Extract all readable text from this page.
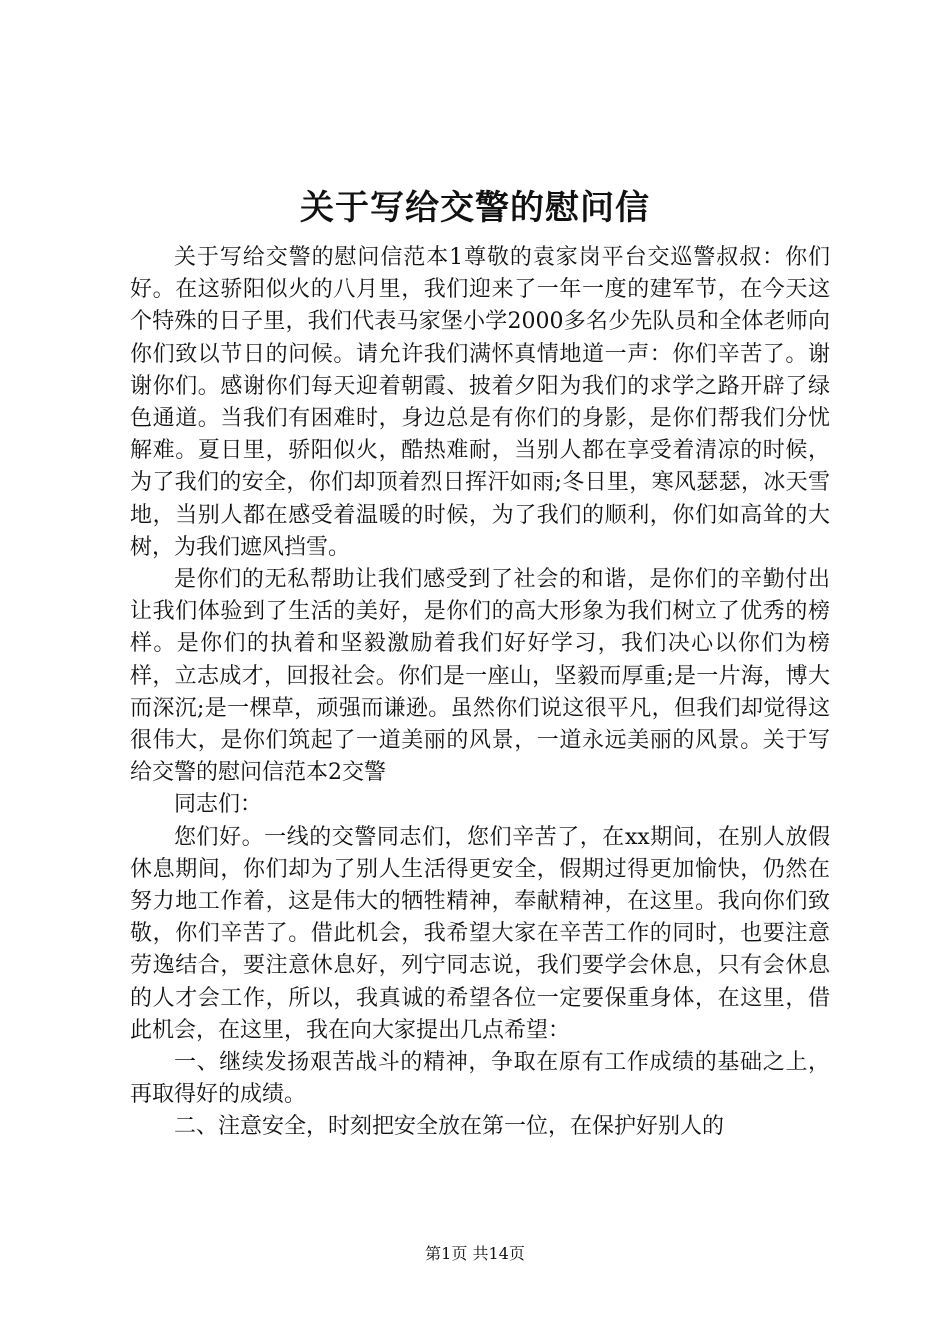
关于写给交警的慰问信

关于写给交警的慰问信范本1尊敬的袁家岗平台交巡警叔叔：你们好。在这骄阳似火的八月里，我们迎来了一年一度的建军节，在今天这个特殊的日子里，我们代表马家堡小学2000多名少先队员和全体老师向你们致以节日的问候。请允许我们满怀真情地道一声：你们辛苦了。谢谢你们。感谢你们每天迎着朝霞、披着夕阳为我们的求学之路开辟了绿色通道。当我们有困难时，身边总是有你们的身影，是你们帮我们分忧解难。夏日里，骄阳似火，酷热难耐，当别人都在享受着清凉的时候，为了我们的安全，你们却顶着烈日挥汗如雨;冬日里，寒风瑟瑟，冰天雪地，当别人都在感受着温暖的时候，为了我们的顺利，你们如高耸的大树，为我们遮风挡雪。

是你们的无私帮助让我们感受到了社会的和谐，是你们的辛勤付出让我们体验到了生活的美好，是你们的高大形象为我们树立了优秀的榜样。是你们的执着和坚毅激励着我们好好学习，我们决心以你们为榜样，立志成才，回报社会。你们是一座山，坚毅而厚重;是一片海，博大而深沉;是一棵草，顽强而谦逊。虽然你们说这很平凡，但我们却觉得这很伟大，是你们筑起了一道美丽的风景，一道永远美丽的风景。关于写给交警的慰问信范本2交警

同志们：

您们好。一线的交警同志们，您们辛苦了，在xx期间，在别人放假休息期间，你们却为了别人生活得更安全，假期过得更加愉快，仍然在努力地工作着，这是伟大的牺牲精神，奉献精神，在这里。我向你们致敬，你们辛苦了。借此机会，我希望大家在辛苦工作的同时，也要注意劳逸结合，要注意休息好，列宁同志说，我们要学会休息，只有会休息的人才会工作，所以，我真诚的希望各位一定要保重身体，在这里，借此机会，在这里，我在向大家提出几点希望：

一、继续发扬艰苦战斗的精神，争取在原有工作成绩的基础之上，再取得好的成绩。

二、注意安全，时刻把安全放在第一位，在保护好别人的

第1页 共14页
